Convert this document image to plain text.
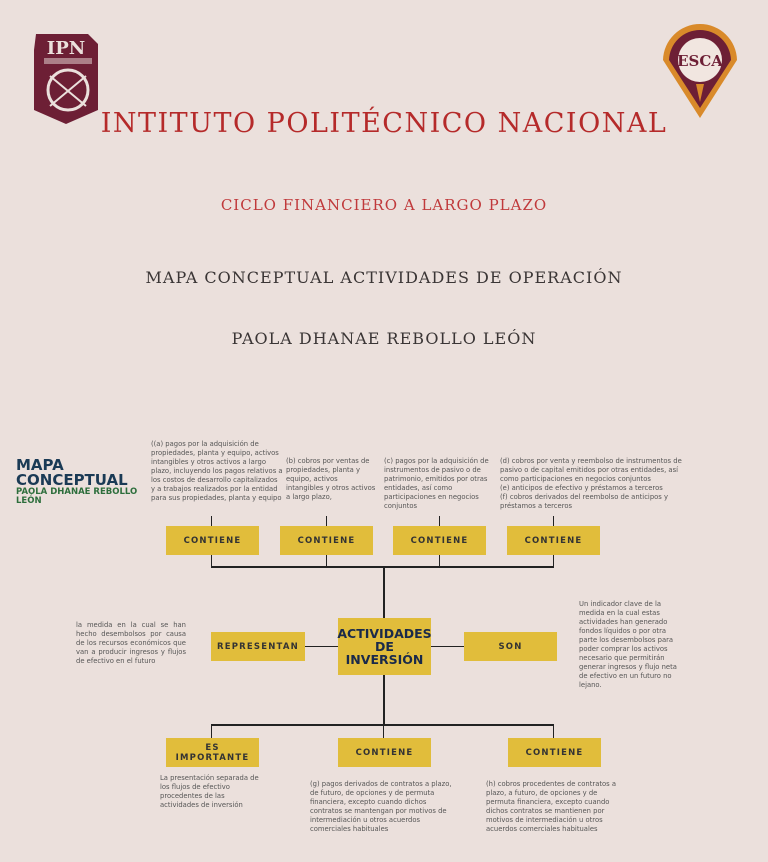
IPN
ESCA
INTITUTO POLITÉCNICO NACIONAL
CICLO FINANCIERO A LARGO PLAZO
MAPA CONCEPTUAL ACTIVIDADES DE OPERACIÓN
PAOLA DHANAE REBOLLO LEÓN
MAPA
CONCEPTUAL
PAOLA DHANAE REBOLLO
LEÓN
((a) pagos por la adquisición de propiedades, planta y equipo, activos intangibles y otros activos a largo plazo, incluyendo los pagos relativos a los costos de desarrollo capitalizados y a trabajos realizados por la entidad para sus propiedades, planta y equipo
(b) cobros por ventas de propiedades, planta y equipo, activos intangibles y otros activos a largo plazo,
(c) pagos por la adquisición de instrumentos de pasivo o de patrimonio, emitidos por otras entidades, así como participaciones en negocios conjuntos
(d) cobros por venta y reembolso de instrumentos de pasivo o de capital emitidos por otras entidades, así como participaciones en negocios conjuntos
(e) anticipos de efectivo y préstamos a terceros
(f) cobros derivados del reembolso de anticipos y préstamos a terceros
CONTIENE	CONTIENE	CONTIENE	CONTIENE
la medida en la cual se han hecho desembolsos por causa de los recursos económicos que van a producir ingresos y flujos de efectivo en el futuro
REPRESENTAN
ACTIVIDADES
DE
INVERSIÓN
SON
Un indicador clave de la medida en la cual estas actividades han generado fondos líquidos o por otra parte los desembolsos para poder comprar los activos necesario que permitirán generar ingresos y flujo neta de efectivo en un futuro no lejano.
ES
IMPORTANTE	CONTIENE	CONTIENE
La presentación separada de los flujos de efectivo procedentes de las actividades de inversión
(g) pagos derivados de contratos a plazo, de futuro, de opciones y de permuta financiera, excepto cuando dichos contratos se mantengan por motivos de intermediación u otros acuerdos comerciales habituales
(h) cobros procedentes de contratos a plazo, a futuro, de opciones y de permuta financiera, excepto cuando dichos contratos se mantienen por motivos de intermediación u otros acuerdos comerciales habituales
